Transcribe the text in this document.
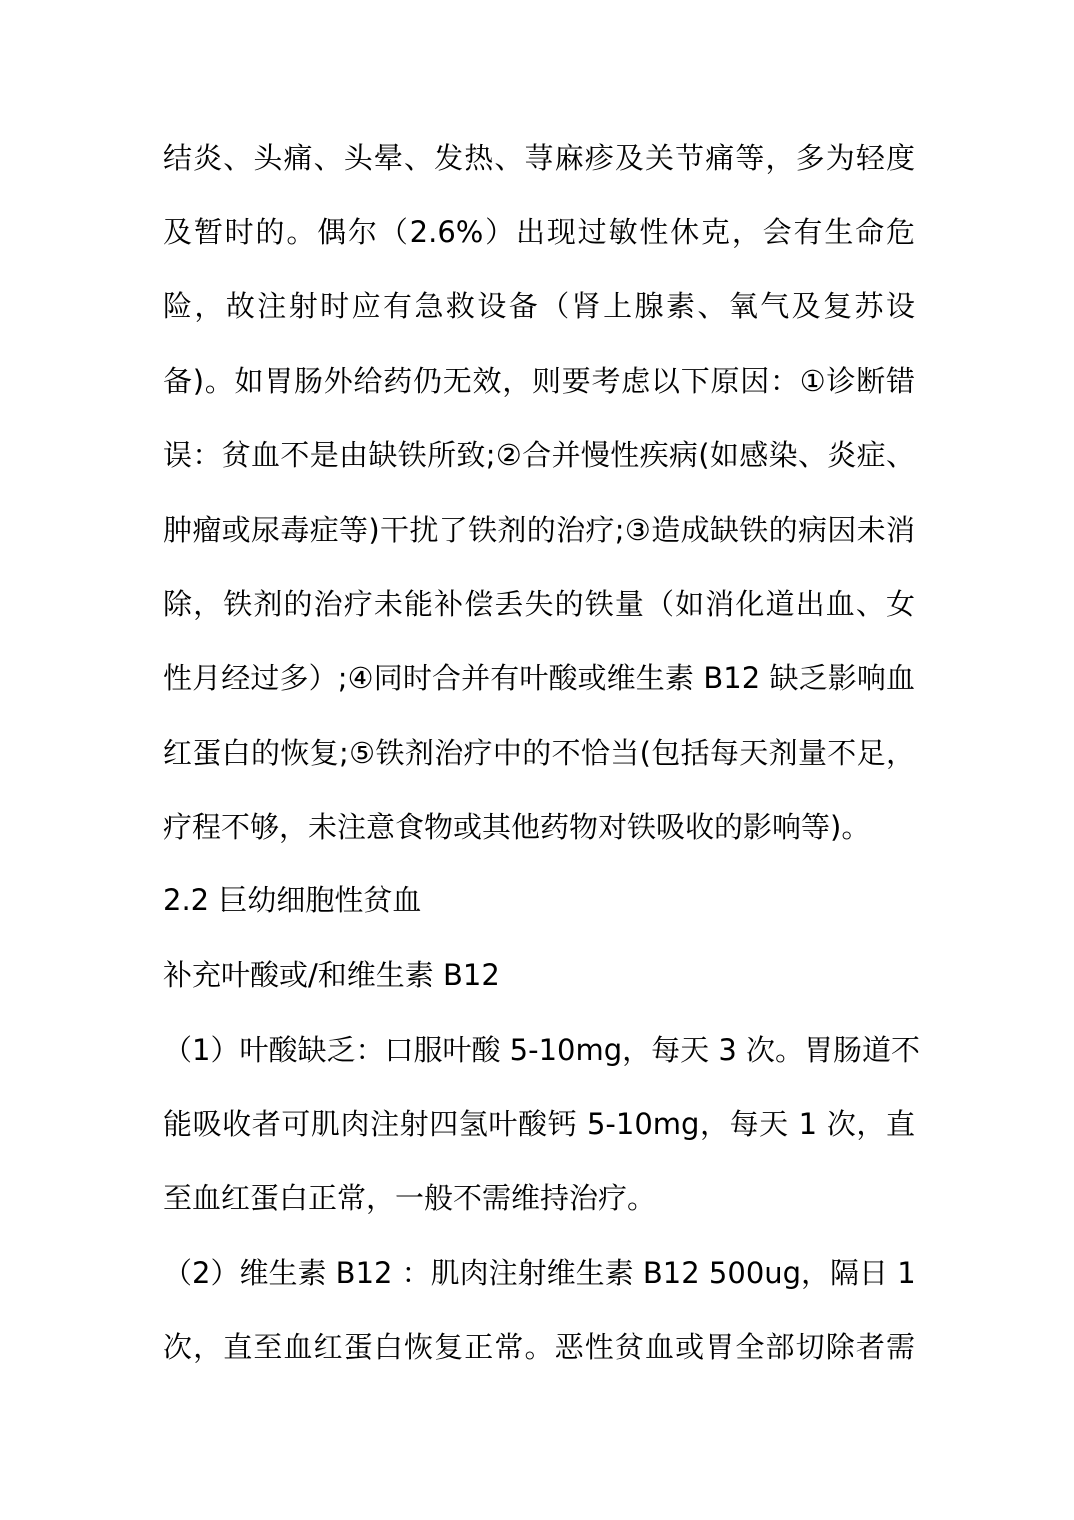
结炎、头痛、头晕、发热、荨麻疹及关节痛等，多为轻度
及暂时的。偶尔（2.6%）出现过敏性休克，会有生命危
险，故注射时应有急救设备（肾上腺素、氧气及复苏设
备)。如胃肠外给药仍无效，则要考虑以下原因：①诊断错
误：贫血不是由缺铁所致;②合并慢性疾病(如感染、炎症、
肿瘤或尿毒症等)干扰了铁剂的治疗;③造成缺铁的病因未消
除，铁剂的治疗未能补偿丢失的铁量（如消化道出血、女
性月经过多）;④同时合并有叶酸或维生素 B12 缺乏影响血
红蛋白的恢复;⑤铁剂治疗中的不恰当(包括每天剂量不足，
疗程不够，未注意食物或其他药物对铁吸收的影响等)。
2.2 巨幼细胞性贫血
补充叶酸或/和维生素 B12
（1）叶酸缺乏：口服叶酸 5-10mg，每天 3 次。胃肠道不
能吸收者可肌肉注射四氢叶酸钙 5-10mg，每天 1 次，直
至血红蛋白正常，一般不需维持治疗。
（2）维生素 B12 ：肌肉注射维生素 B12 500ug，隔日 1
次，直至血红蛋白恢复正常。恶性贫血或胃全部切除者需
